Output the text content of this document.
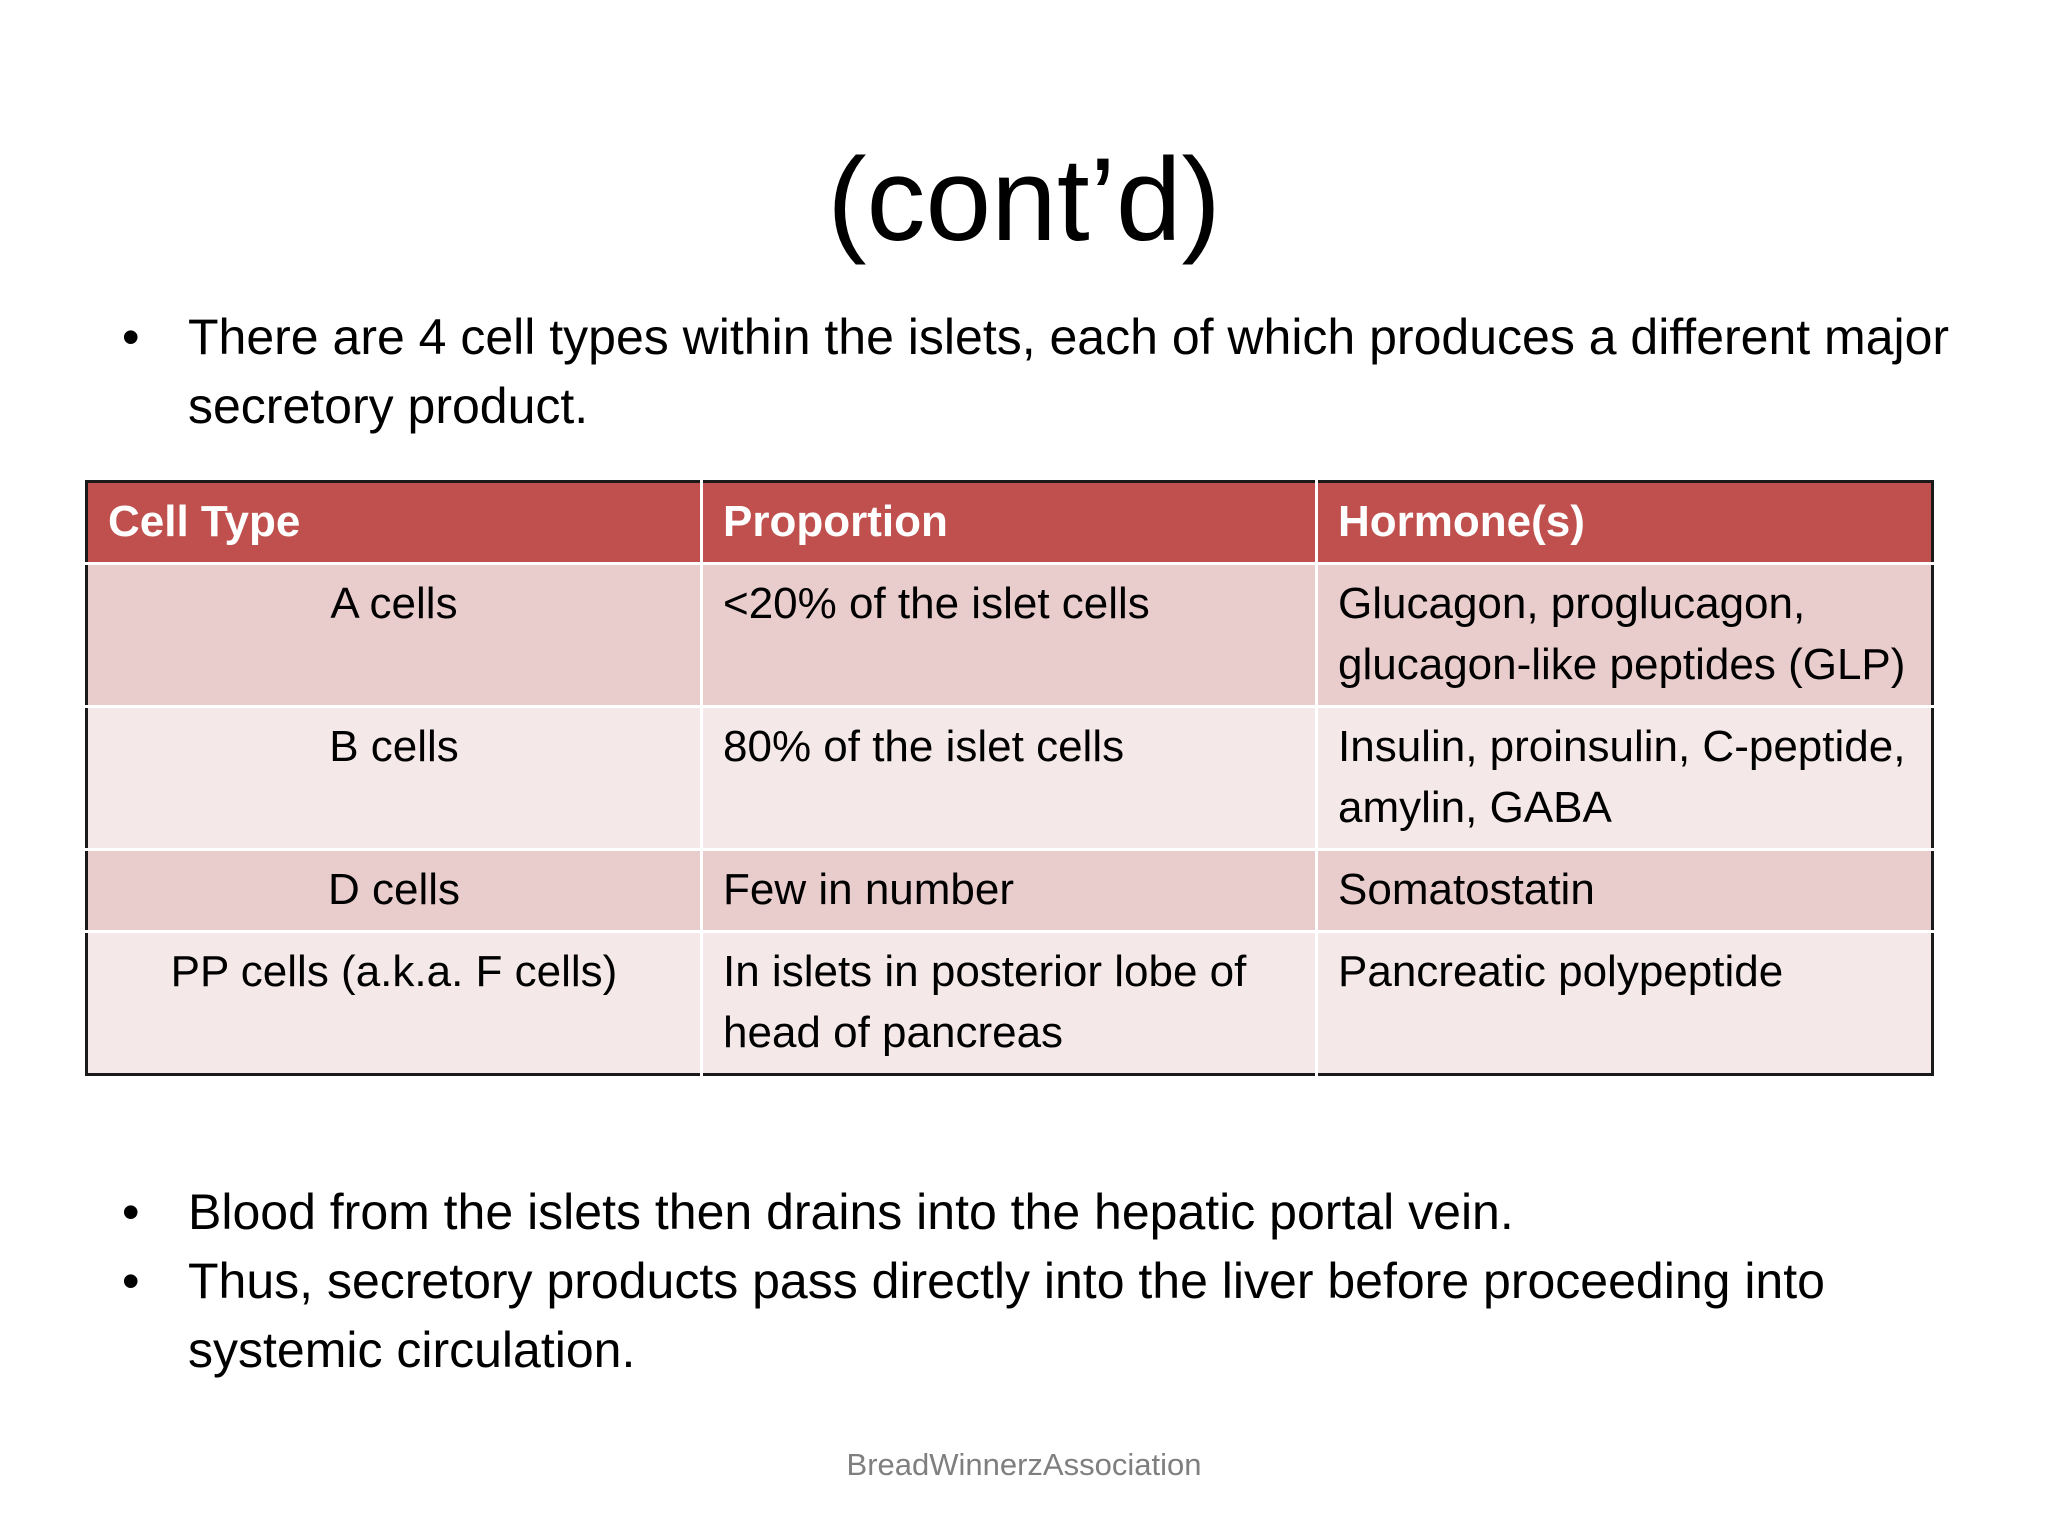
(cont’d)
• There are 4 cell types within the islets, each of which produces a different major secretory product.
Cell Type	Proportion	Hormone(s)
A cells	<20% of the islet cells	Glucagon, proglucagon, glucagon-like peptides (GLP)
B cells	80% of the islet cells	Insulin, proinsulin, C-peptide, amylin, GABA
D cells	Few in number	Somatostatin
PP cells (a.k.a. F cells)	In islets in posterior lobe of head of pancreas	Pancreatic polypeptide
• Blood from the islets then drains into the hepatic portal vein.
• Thus, secretory products pass directly into the liver before proceeding into systemic circulation.
BreadWinnerzAssociation
